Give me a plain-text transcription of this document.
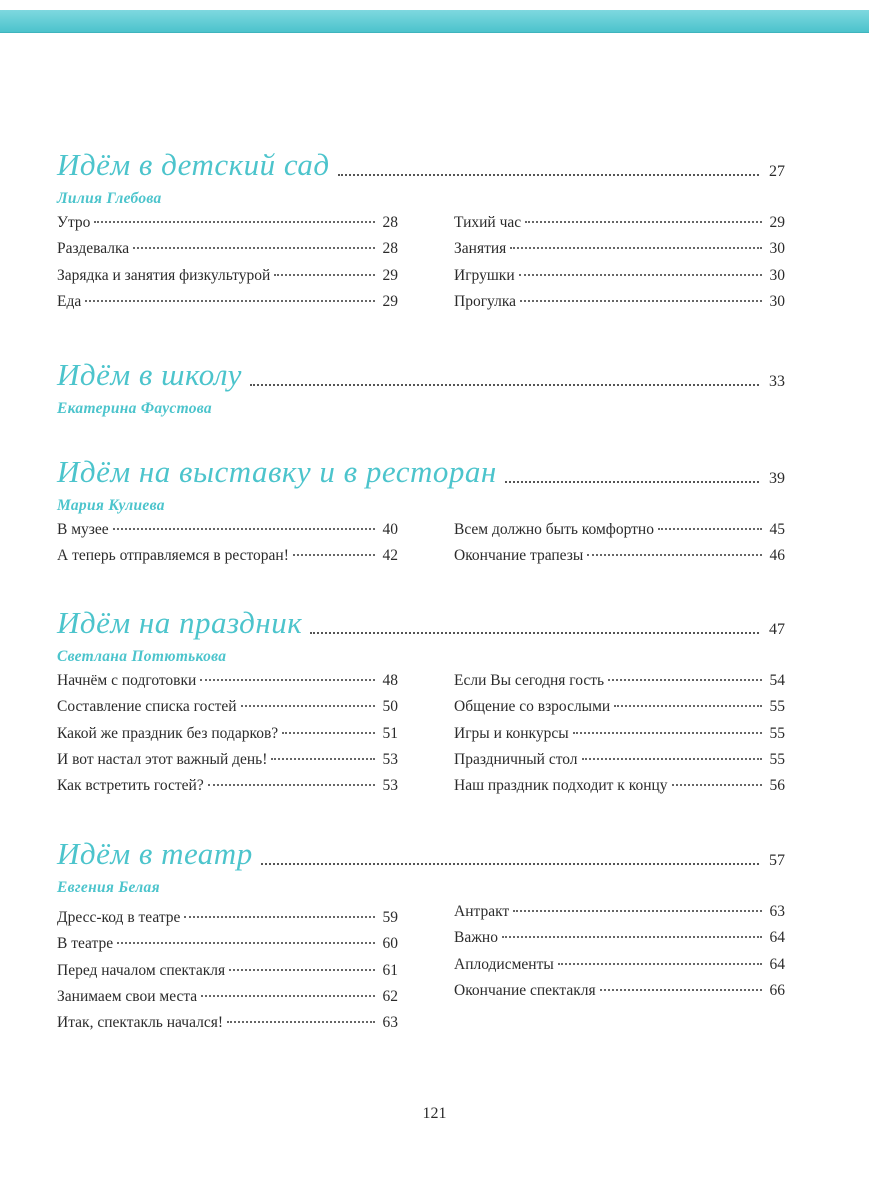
Идём в детский сад	27
Лилия Глебова
Утро	28
Раздевалка	28
Зарядка и занятия физкультурой	29
Еда	29
Тихий час	29
Занятия	30
Игрушки	30
Прогулка	30
Идём в школу	33
Екатерина Фаустова
Идём на выставку и в ресторан	39
Мария Кулиева
В музее	40
А теперь отправляемся в ресторан!	42
Всем должно быть комфортно	45
Окончание трапезы	46
Идём на праздник	47
Светлана Потютькова
Начнём с подготовки	48
Составление списка гостей	50
Какой же праздник без подарков?	51
И вот настал этот важный день!	53
Как встретить гостей?	53
Если Вы сегодня гость	54
Общение со взрослыми	55
Игры и конкурсы	55
Праздничный стол	55
Наш праздник подходит к концу	56
Идём в театр	57
Евгения Белая
Дресс-код в театре	59
В театре	60
Перед началом спектакля	61
Занимаем свои места	62
Итак, спектакль начался!	63
Антракт	63
Важно	64
Аплодисменты	64
Окончание спектакля	66
121
